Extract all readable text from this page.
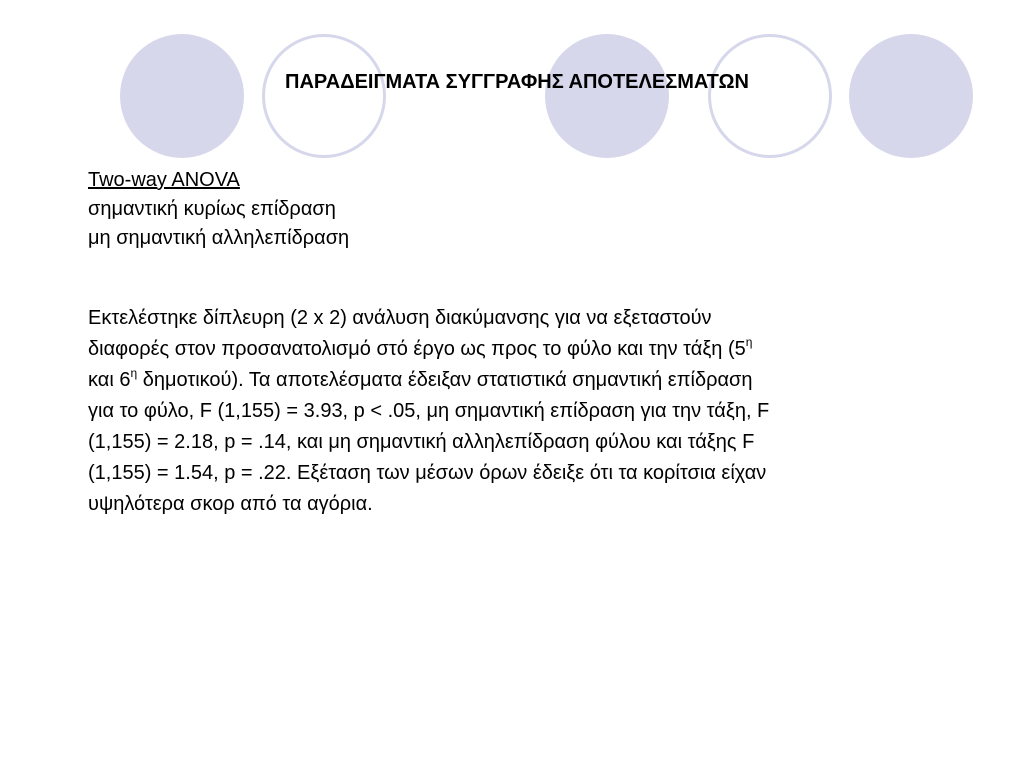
ΠΑΡΑΔΕΙΓΜΑΤΑ ΣΥΓΓΡΑΦΗΣ ΑΠΟΤΕΛΕΣΜΑΤΩΝ
Two-way ANOVA
σημαντική κυρίως επίδραση
μη σημαντική αλληλεπίδραση
Εκτελέστηκε δίπλευρη (2 x 2) ανάλυση διακύμανσης για να εξεταστούν
διαφορές στον προσανατολισμό στό έργο ως προς το φύλο και την τάξη ($5^\eta$
και $6^\eta$ δημοτικού). Τα αποτελέσματα έδειξαν στατιστικά σημαντική επίδραση
για το φύλο, F (1,155) = 3.93, p < .05, μη σημαντική επίδραση για την τάξη, F
(1,155) = 2.18, p = .14, και μη σημαντική αλληλεπίδραση φύλου και τάξης F
(1,155) = 1.54, p = .22. Εξέταση των μέσων όρων έδειξε ότι τα κορίτσια είχαν
υψηλότερα σκορ από τα αγόρια.
